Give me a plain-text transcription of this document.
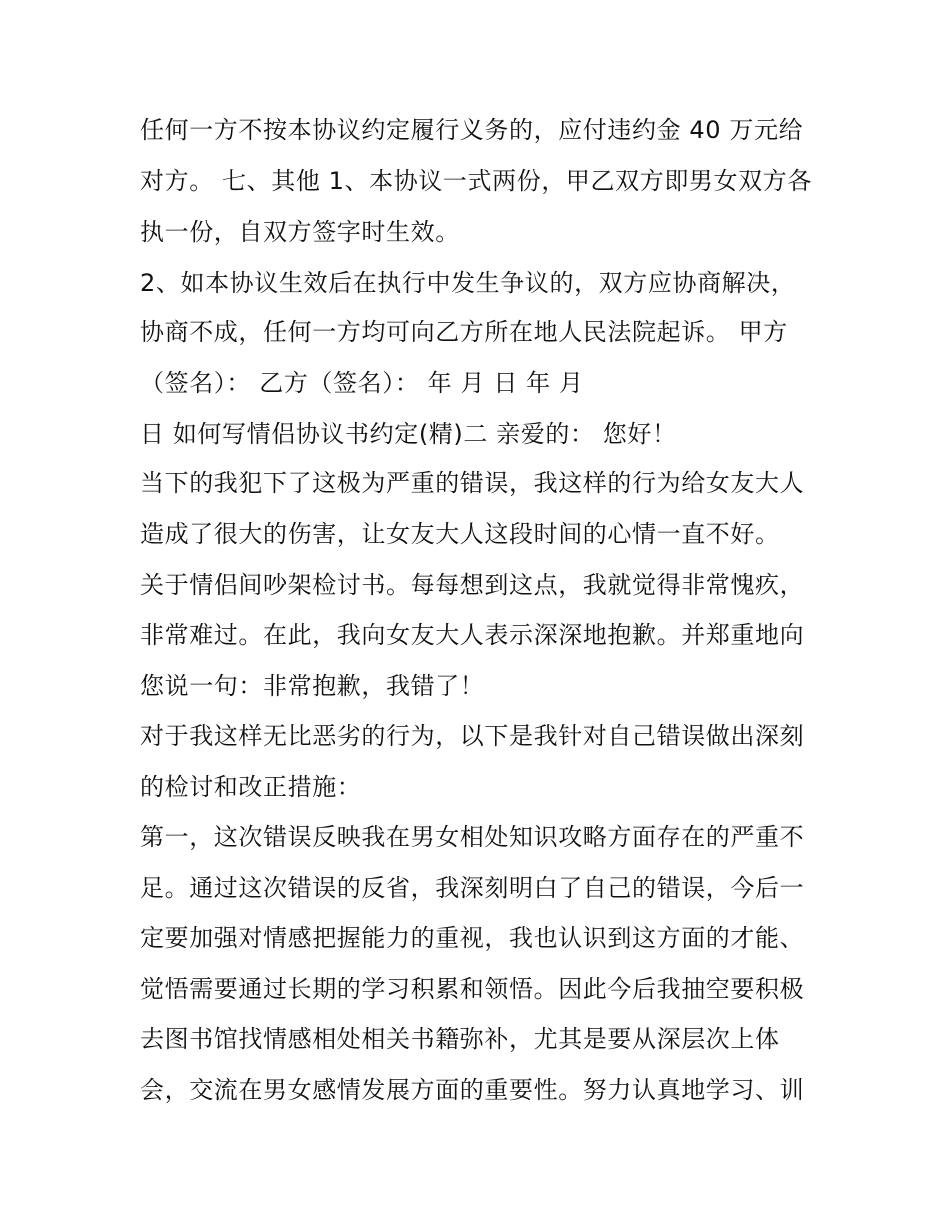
任何一方不按本协议约定履行义务的，应付违约金 40 万元给
对方。 七、其他 1、本协议一式两份，甲乙双方即男女双方各
执一份，自双方签字时生效。
2、如本协议生效后在执行中发生争议的，双方应协商解决，
协商不成，任何一方均可向乙方所在地人民法院起诉。 甲方
（签名）： 乙方（签名）： 年 月 日 年 月
日 如何写情侣协议书约定(精)二 亲爱的： 您好！
当下的我犯下了这极为严重的错误，我这样的行为给女友大人
造成了很大的伤害，让女友大人这段时间的心情一直不好。
关于情侣间吵架检讨书。每每想到这点，我就觉得非常愧疚，
非常难过。在此，我向女友大人表示深深地抱歉。并郑重地向
您说一句：非常抱歉，我错了！
对于我这样无比恶劣的行为，以下是我针对自己错误做出深刻
的检讨和改正措施：
第一，这次错误反映我在男女相处知识攻略方面存在的严重不
足。通过这次错误的反省，我深刻明白了自己的错误，今后一
定要加强对情感把握能力的重视，我也认识到这方面的才能、
觉悟需要通过长期的学习积累和领悟。因此今后我抽空要积极
去图书馆找情感相处相关书籍弥补，尤其是要从深层次上体
会，交流在男女感情发展方面的重要性。努力认真地学习、训
